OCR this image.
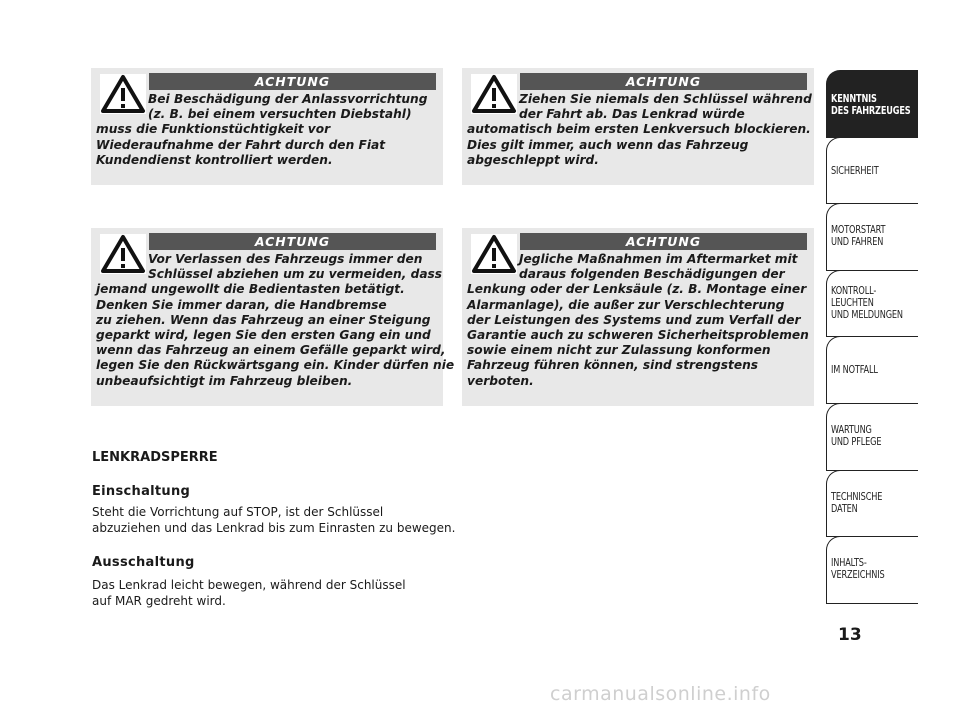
ACHTUNG
Bei Beschädigung der Anlassvorrichtung
(z. B. bei einem versuchten Diebstahl)
muss die Funktionstüchtigkeit vor
Wiederaufnahme der Fahrt durch den Fiat
Kundendienst kontrolliert werden.
ACHTUNG
Ziehen Sie niemals den Schlüssel während
der Fahrt ab. Das Lenkrad würde
automatisch beim ersten Lenkversuch blockieren.
Dies gilt immer, auch wenn das Fahrzeug
abgeschleppt wird.
ACHTUNG
Vor Verlassen des Fahrzeugs immer den
Schlüssel abziehen um zu vermeiden, dass
jemand ungewollt die Bedientasten betätigt.
Denken Sie immer daran, die Handbremse
zu ziehen. Wenn das Fahrzeug an einer Steigung
geparkt wird, legen Sie den ersten Gang ein und
wenn das Fahrzeug an einem Gefälle geparkt wird,
legen Sie den Rückwärtsgang ein. Kinder dürfen nie
unbeaufsichtigt im Fahrzeug bleiben.
ACHTUNG
Jegliche Maßnahmen im Aftermarket mit
daraus folgenden Beschädigungen der
Lenkung oder der Lenksäule (z. B. Montage einer
Alarmanlage), die außer zur Verschlechterung
der Leistungen des Systems und zum Verfall der
Garantie auch zu schweren Sicherheitsproblemen
sowie einem nicht zur Zulassung konformen
Fahrzeug führen können, sind strengstens
verboten.
LENKRADSPERRE
Einschaltung
Steht die Vorrichtung auf STOP, ist der Schlüssel
abzuziehen und das Lenkrad bis zum Einrasten zu bewegen.
Ausschaltung
Das Lenkrad leicht bewegen, während der Schlüssel
auf MAR gedreht wird.
KENNTNIS
DES FAHRZEUGES
SICHERHEIT
MOTORSTART
UND FAHREN
KONTROLL-
LEUCHTEN
UND MELDUNGEN
IM NOTFALL
WARTUNG
UND PFLEGE
TECHNISCHE
DATEN
INHALTS-
VERZEICHNIS
13
carmanualsonline.info
